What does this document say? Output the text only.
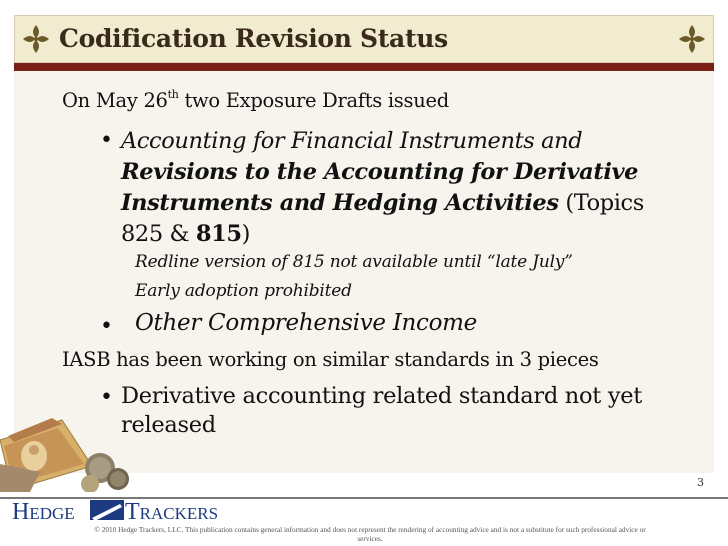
Codification Revision Status
On May 26th two Exposure Drafts issued
• Accounting for Financial Instruments and Revisions to the Accounting for Derivative Instruments and Hedging Activities (Topics 825 & 815)
Redline version of 815 not available until “late July”
Early adoption prohibited
• Other Comprehensive Income
IASB has been working on similar standards in 3 pieces
• Derivative accounting related standard not yet released
3
Hedge Trackers
© 2010 Hedge Trackers, LLC. This publication contains general information and does not represent the rendering of accounting advice and is not a substitute for such professional advice or services.
